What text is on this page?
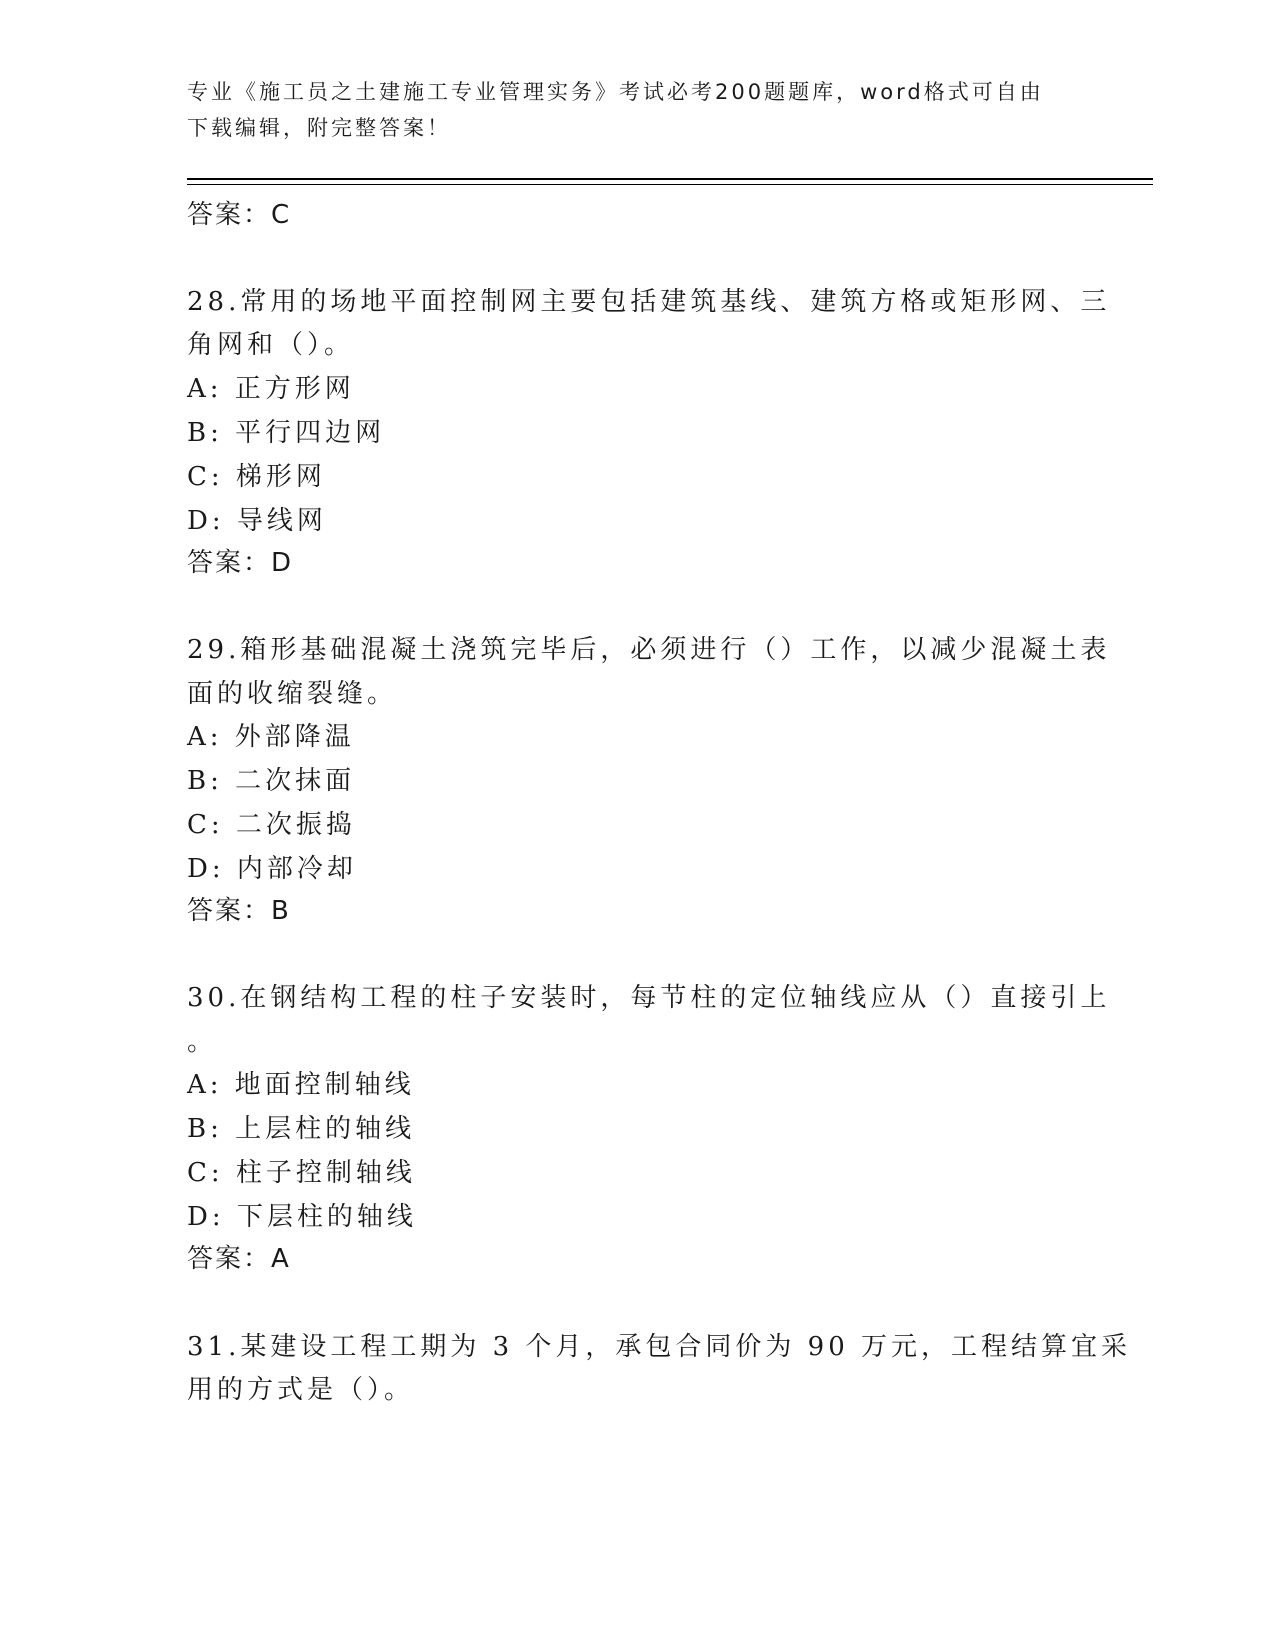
专业《施工员之土建施工专业管理实务》考试必考200题题库，word格式可自由
下载编辑，附完整答案！
答案：C
28.常用的场地平面控制网主要包括建筑基线、建筑方格或矩形网、三
角网和（）。
A: 正方形网
B: 平行四边网
C: 梯形网
D: 导线网
答案：D
29.箱形基础混凝土浇筑完毕后，必须进行（）工作，以减少混凝土表
面的收缩裂缝。
A: 外部降温
B: 二次抹面
C: 二次振捣
D: 内部冷却
答案：B
30.在钢结构工程的柱子安装时，每节柱的定位轴线应从（）直接引上
。
A: 地面控制轴线
B: 上层柱的轴线
C: 柱子控制轴线
D: 下层柱的轴线
答案：A
31.某建设工程工期为 3 个月，承包合同价为 90 万元，工程结算宜采
用的方式是（）。
